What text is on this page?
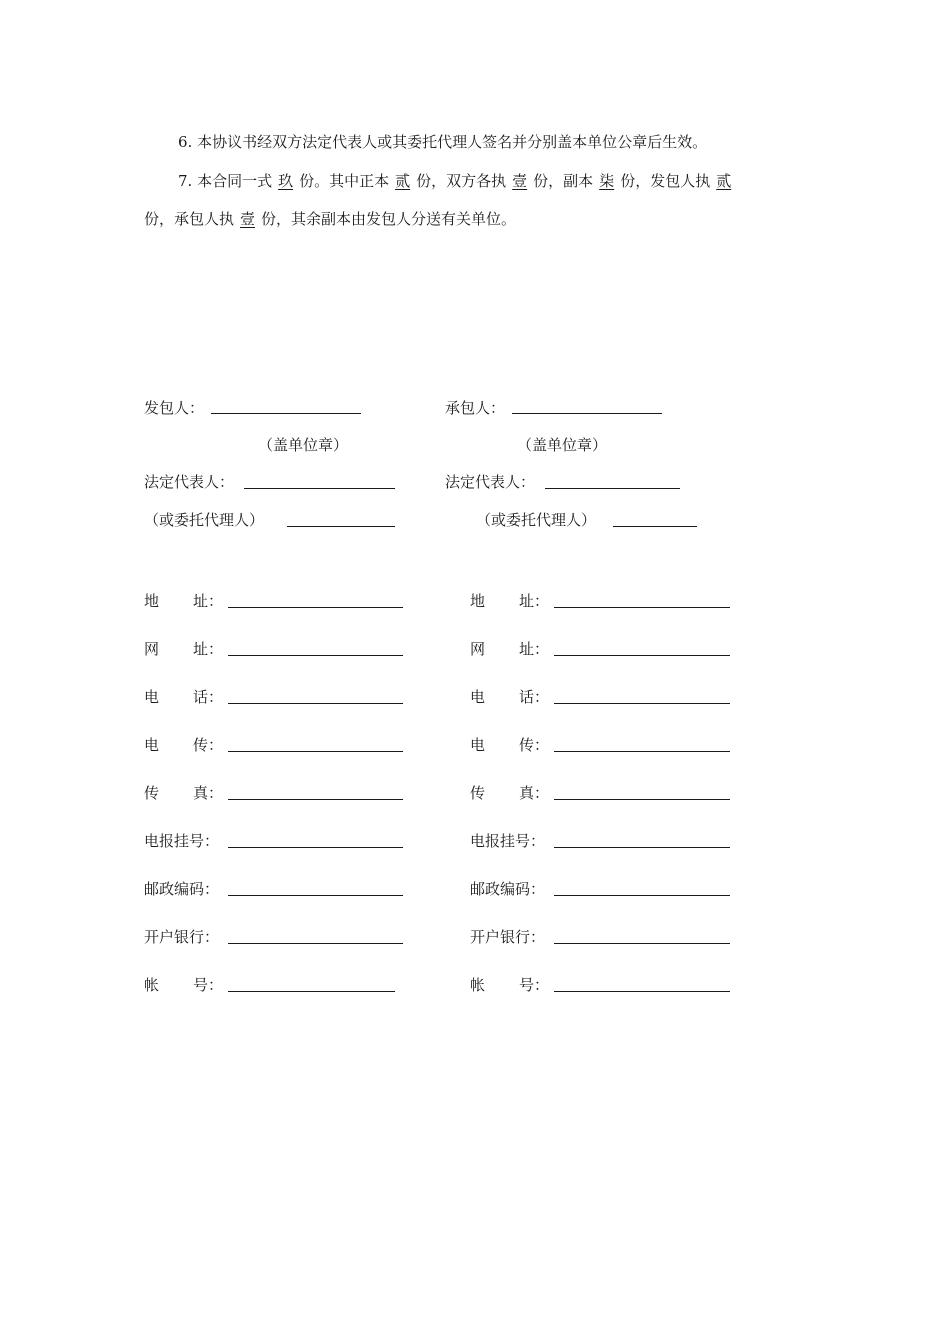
6. 本协议书经双方法定代表人或其委托代理人签名并分别盖本单位公章后生效。
7. 本合同一式 玖 份。其中正本 贰 份，双方各执 壹 份，副本 柒 份，发包人执 贰
份，承包人执 壹 份，其余副本由发包人分送有关单位。
发包人：
（盖单位章）
法定代表人：
（或委托代理人）
承包人：
（盖单位章）
法定代表人：
（或委托代理人）
地 址：
网 址：
电 话：
电 传：
传 真：
电报挂号：
邮政编码：
开户银行：
帐 号：
地 址：
网 址：
电 话：
电 传：
传 真：
电报挂号：
邮政编码：
开户银行：
帐 号：
